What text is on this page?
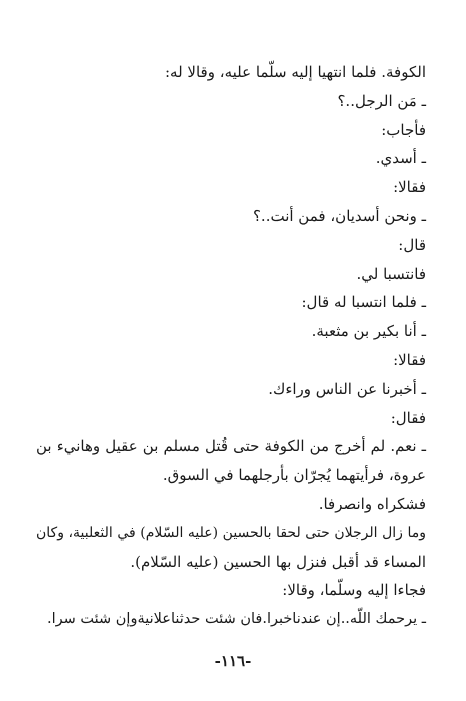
الكوفة. فلما انتهيا إليه سلّما عليه، وقالا له:

ـ مَن الرجل..؟

فأجاب:

ـ أسدي.

فقالا:

ـ ونحن أسديان، فمن أنت..؟

قال:

فانتسبا لي.

ـ فلما انتسبا له قال:

ـ أنا بكير بن مثعبة.

فقالا:

ـ أخبرنا عن الناس وراءك.

فقال:

ـ نعم. لم أخرج من الكوفة حتى قُتل مسلم بن عقيل وهانيء بن

عروة، فرأيتهما يُجرّان بأرجلهما في السوق.

فشكراه وانصرفا.

وما زال الرجلان حتى لحقا بالحسين (عليه السّلام) في الثعلبية، وكان

المساء قد أقبل فنزل بها الحسين (عليه السّلام).

فجاءا إليه وسلّما، وقالا:

ـ يرحمك اللّه..إن عندناخبرا.فان شئت حدثناعلانيةوإن شئت سرا.

-١١٦-
